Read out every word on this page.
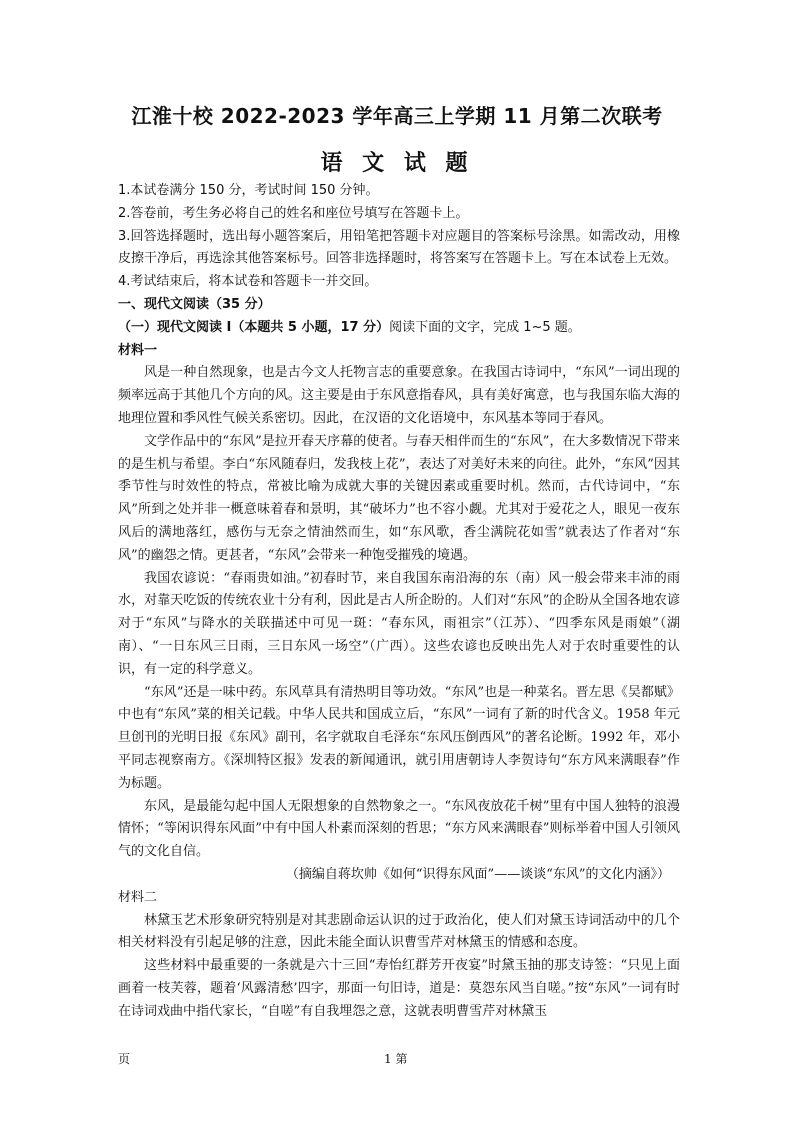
江淮十校 2022-2023 学年高三上学期 11 月第二次联考
语 文 试 题

1.本试卷满分 150 分，考试时间 150 分钟。

2.答卷前，考生务必将自己的姓名和座位号填写在答题卡上。

3.回答选择题时，选出每小题答案后，用铅笔把答题卡对应题目的答案标号涂黑。如需改动，用橡皮擦干净后，再选涂其他答案标号。回答非选择题时，将答案写在答题卡上。写在本试卷上无效。

4.考试结束后，将本试卷和答题卡一并交回。

一、现代文阅读（35 分）

（一）现代文阅读 I（本题共 5 小题，17 分）阅读下面的文字，完成 1~5 题。

材料一

风是一种自然现象，也是古今文人托物言志的重要意象。在我国古诗词中，“东风”一词出现的频率远高于其他几个方向的风。这主要是由于东风意指春风，具有美好寓意，也与我国东临大海的地理位置和季风性气候关系密切。因此，在汉语的文化语境中，东风基本等同于春风。

文学作品中的“东风”是拉开春天序幕的使者。与春天相伴而生的“东风”，在大多数情况下带来的是生机与希望。李白“东风随春归，发我枝上花”，表达了对美好未来的向往。此外，“东风”因其季节性与时效性的特点，常被比喻为成就大事的关键因素或重要时机。然而，古代诗词中，“东风”所到之处并非一概意味着春和景明，其“破坏力”也不容小觑。尤其对于爱花之人，眼见一夜东风后的满地落红，感伤与无奈之情油然而生，如“东风歌，香尘满院花如雪”就表达了作者对“东风”的幽怨之情。更甚者，“东风”会带来一种饱受摧残的境遇。

我国农谚说：“春雨贵如油。”初春时节，来自我国东南沿海的东（南）风一般会带来丰沛的雨水，对靠天吃饭的传统农业十分有利，因此是古人所企盼的。人们对“东风”的企盼从全国各地农谚对于“东风”与降水的关联描述中可见一斑：“春东风，雨祖宗”（江苏）、“四季东风是雨娘”（湖南）、“一日东风三日雨，三日东风一场空”（广西）。这些农谚也反映出先人对于农时重要性的认识，有一定的科学意义。

“东风”还是一味中药。东风草具有清热明目等功效。“东风”也是一种菜名。晋左思《吴都赋》中也有“东风”菜的相关记载。中华人民共和国成立后，“东风”一词有了新的时代含义。1958 年元旦创刊的光明日报《东风》副刊，名字就取自毛泽东“东风压倒西风”的著名论断。1992 年，邓小平同志视察南方。《深圳特区报》发表的新闻通讯，就引用唐朝诗人李贺诗句“东方风来满眼春”作为标题。

东风，是最能勾起中国人无限想象的自然物象之一。“东风夜放花千树”里有中国人独特的浪漫情怀；“等闲识得东风面”中有中国人朴素而深刻的哲思；“东方风来满眼春”则标举着中国人引领风气的文化自信。

（摘编自蒋坎帅《如何“识得东风面”——谈谈“东风”的文化内涵》）

材料二

林黛玉艺术形象研究特别是对其悲剧命运认识的过于政治化，使人们对黛玉诗词活动中的几个相关材料没有引起足够的注意，因此未能全面认识曹雪芹对林黛玉的情感和态度。

这些材料中最重要的一条就是六十三回“寿怡红群芳开夜宴”时黛玉抽的那支诗签：“只见上面画着一枝芙蓉，题着‘风露清愁’四字，那面一句旧诗，道是：莫怨东风当自嗟。”按“东风”一词有时在诗词戏曲中指代家长，“自嗟”有自我埋怨之意，这就表明曹雪芹对林黛玉

页	1 第
